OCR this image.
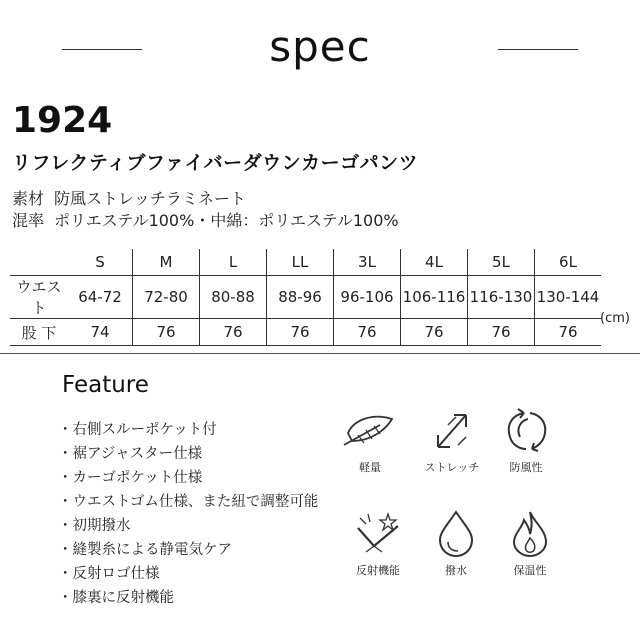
spec
1924
リフレクティブファイバーダウンカーゴパンツ
素材 防風ストレッチラミネート
混率 ポリエステル100%・中綿：ポリエステル100%
	S	M	L	LL	3L	4L	5L	6L
ウエスト	64-72	72-80	80-88	88-96	96-106	106-116	116-130	130-144
股 下	74	76	76	76	76	76	76	76
(cm)
Feature
・右側スルーポケット付
・裾アジャスター仕様
・カーゴポケット仕様
・ウエストゴム仕様、また紐で調整可能
・初期撥水
・縫製糸による静電気ケア
・反射ロゴ仕様
・膝裏に反射機能
軽量	ストレッチ	防風性
反射機能	撥水	保温性
